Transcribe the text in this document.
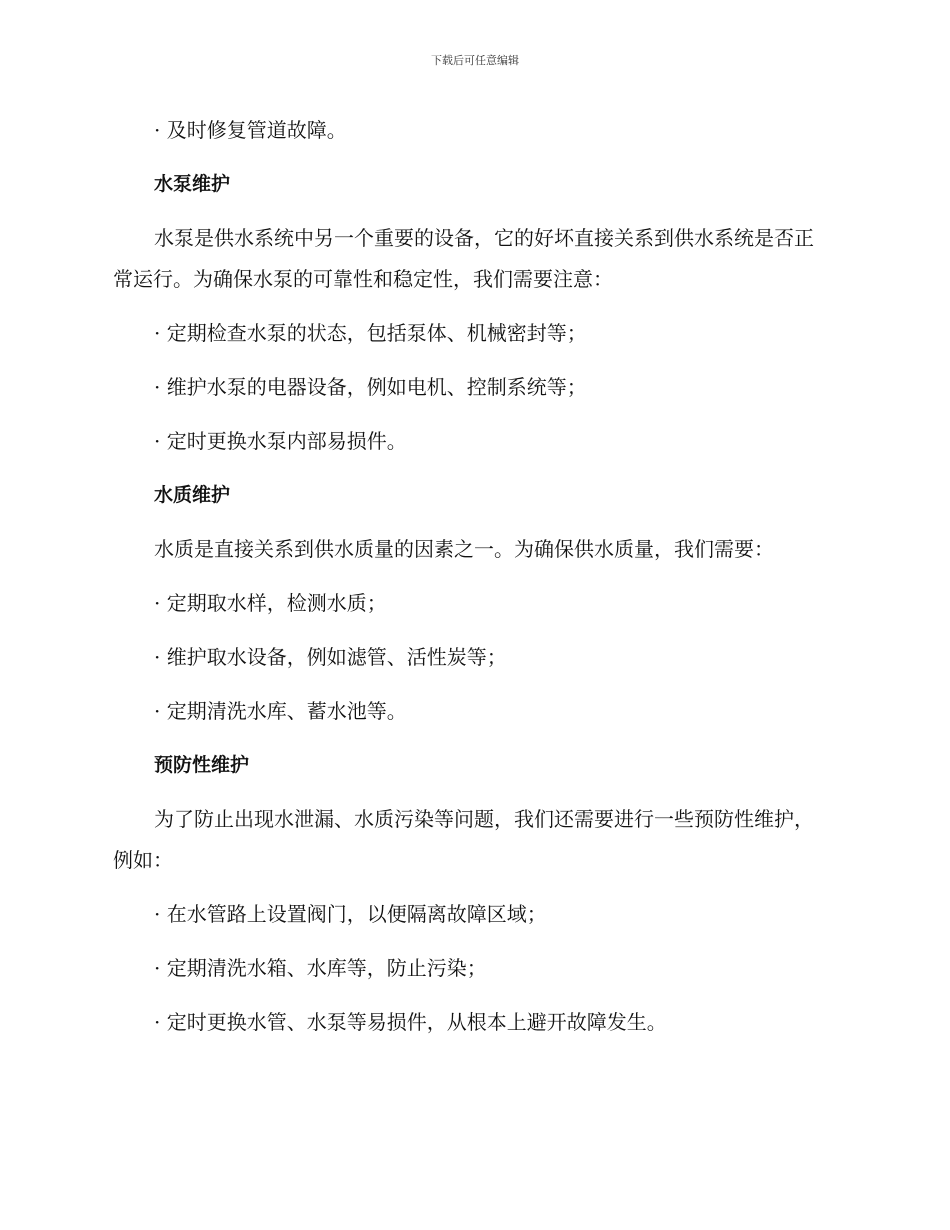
下载后可任意编辑

· 及时修复管道故障。

水泵维护

水泵是供水系统中另一个重要的设备，它的好坏直接关系到供水系统是否正常运行。为确保水泵的可靠性和稳定性，我们需要注意：

· 定期检查水泵的状态，包括泵体、机械密封等；

· 维护水泵的电器设备，例如电机、控制系统等；

· 定时更换水泵内部易损件。

水质维护

水质是直接关系到供水质量的因素之一。为确保供水质量，我们需要：

· 定期取水样，检测水质；

· 维护取水设备，例如滤管、活性炭等；

· 定期清洗水库、蓄水池等。

预防性维护

为了防止出现水泄漏、水质污染等问题，我们还需要进行一些预防性维护，例如：

· 在水管路上设置阀门，以便隔离故障区域；

· 定期清洗水箱、水库等，防止污染；

· 定时更换水管、水泵等易损件，从根本上避开故障发生。
